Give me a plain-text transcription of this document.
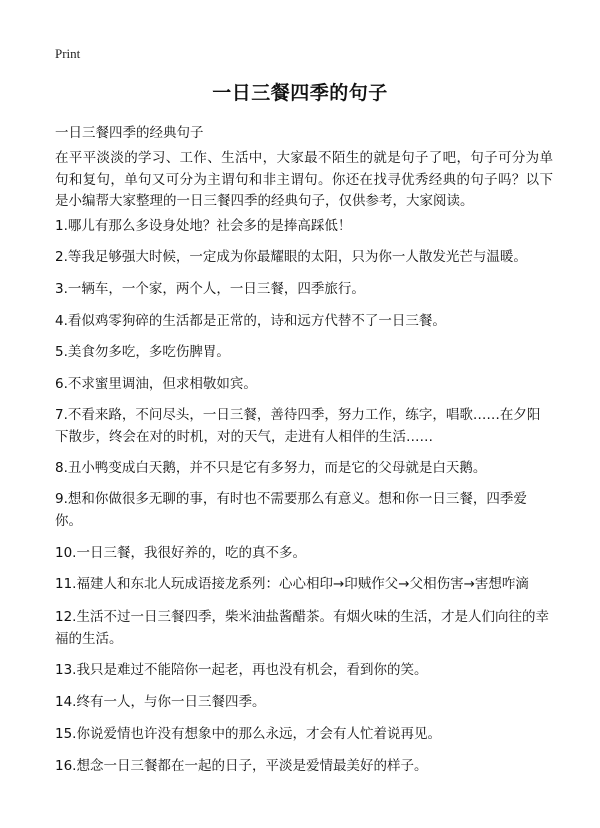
Print
一日三餐四季的句子
一日三餐四季的经典句子
在平平淡淡的学习、工作、生活中，大家最不陌生的就是句子了吧，句子可分为单句和复句，单句又可分为主谓句和非主谓句。你还在找寻优秀经典的句子吗？以下是小编帮大家整理的一日三餐四季的经典句子，仅供参考，大家阅读。
1.哪儿有那么多设身处地？社会多的是捧高踩低！
2.等我足够强大时候，一定成为你最耀眼的太阳，只为你一人散发光芒与温暖。
3.一辆车，一个家，两个人，一日三餐，四季旅行。
4.看似鸡零狗碎的生活都是正常的，诗和远方代替不了一日三餐。
5.美食勿多吃，多吃伤脾胃。
6.不求蜜里调油，但求相敬如宾。
7.不看来路，不问尽头，一日三餐，善待四季，努力工作，练字，唱歌……在夕阳下散步，终会在对的时机，对的天气，走进有人相伴的生活……
8.丑小鸭变成白天鹅，并不只是它有多努力，而是它的父母就是白天鹅。
9.想和你做很多无聊的事，有时也不需要那么有意义。想和你一日三餐，四季爱你。
10.一日三餐，我很好养的，吃的真不多。
11.福建人和东北人玩成语接龙系列：心心相印→印贼作父→父相伤害→害想咋滴
12.生活不过一日三餐四季，柴米油盐酱醋茶。有烟火味的生活，才是人们向往的幸福的生活。
13.我只是难过不能陪你一起老，再也没有机会，看到你的笑。
14.终有一人，与你一日三餐四季。
15.你说爱情也许没有想象中的那么永远，才会有人忙着说再见。
16.想念一日三餐都在一起的日子，平淡是爱情最美好的样子。
